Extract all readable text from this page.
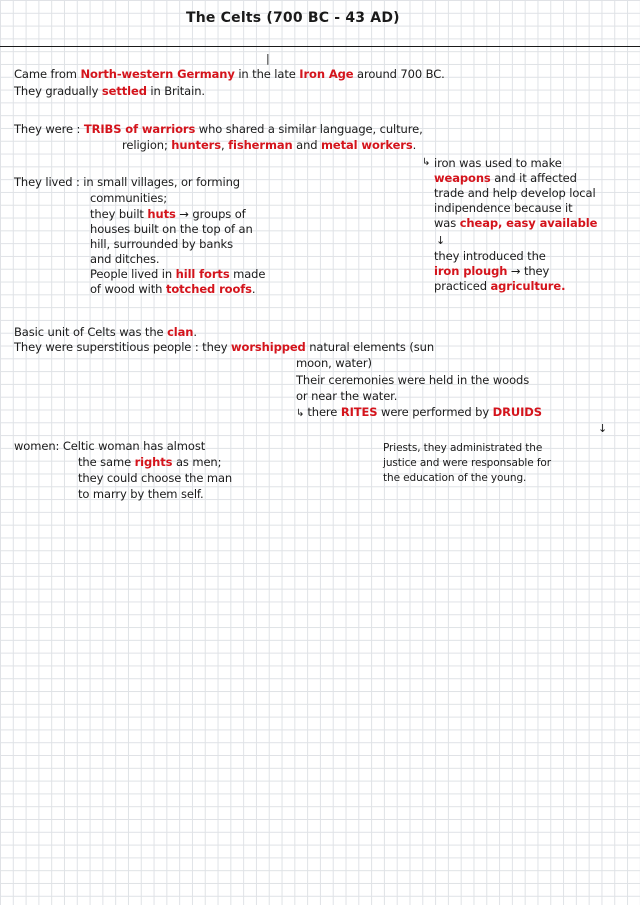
The Celts (700 BC - 43 AD)
|
Came from North-western Germany in the late Iron Age around 700 BC.
They gradually settled in Britain.
They were : TRIBS of warriors who shared a similar language, culture,
religion; hunters, fisherman and metal workers.
They lived : in small villages, or forming
communities;
they built huts → groups of
houses built on the top of an
hill, surrounded by banks
and ditches.
People lived in hill forts made
of wood with totched roofs.
↳ iron was used to make
weapons and it affected
trade and help develop local
indipendence because it
was cheap, easy available
↓
they introduced the
iron plough → they
practiced agriculture.
Basic unit of Celts was the clan.
They were superstitious people : they worshipped natural elements (sun
moon, water)
Their ceremonies were held in the woods
or near the water.
↳ there RITES were performed by DRUIDS
↓
women: Celtic woman has almost
the same rights as men;
they could choose the man
to marry by them self.
Priests, they administrated the
justice and were responsable for
the education of the young.
